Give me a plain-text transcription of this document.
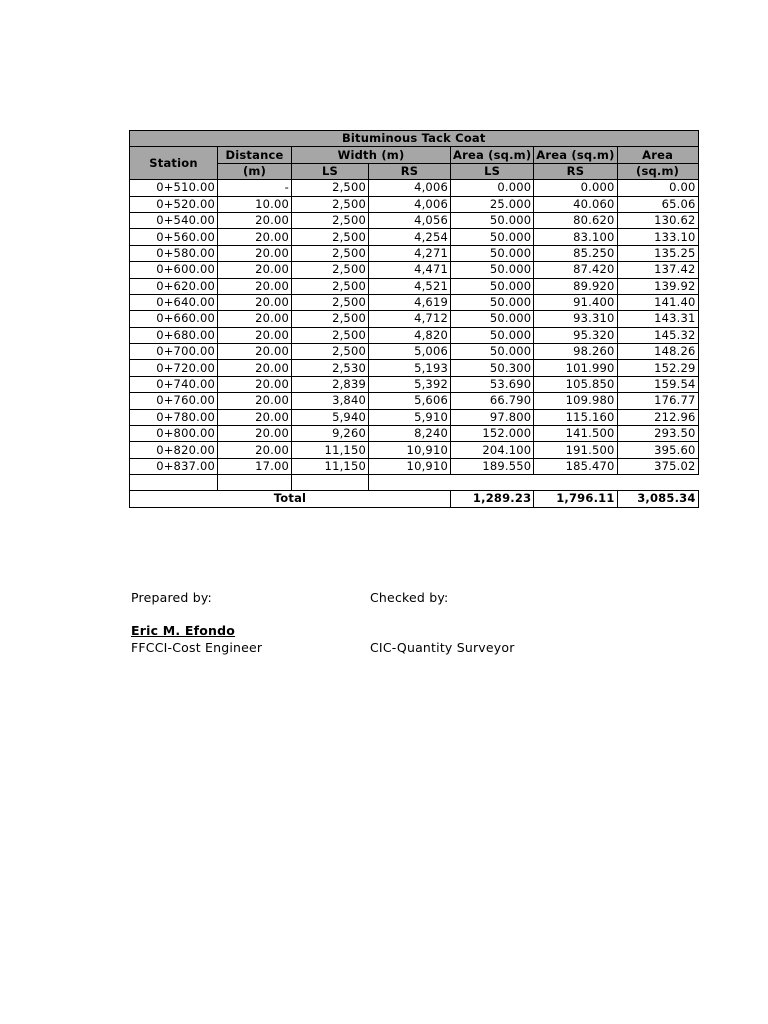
Bituminous Tack Coat						
Station	Distance	Width (m)		Area (sq.m)	Area (sq.m)	Area
	(m)	LS	RS	LS	RS	(sq.m)
0+510.00	-	2,500	4,006	0.000	0.000	0.00
0+520.00	10.00	2,500	4,006	25.000	40.060	65.06
0+540.00	20.00	2,500	4,056	50.000	80.620	130.62
0+560.00	20.00	2,500	4,254	50.000	83.100	133.10
0+580.00	20.00	2,500	4,271	50.000	85.250	135.25
0+600.00	20.00	2,500	4,471	50.000	87.420	137.42
0+620.00	20.00	2,500	4,521	50.000	89.920	139.92
0+640.00	20.00	2,500	4,619	50.000	91.400	141.40
0+660.00	20.00	2,500	4,712	50.000	93.310	143.31
0+680.00	20.00	2,500	4,820	50.000	95.320	145.32
0+700.00	20.00	2,500	5,006	50.000	98.260	148.26
0+720.00	20.00	2,530	5,193	50.300	101.990	152.29
0+740.00	20.00	2,839	5,392	53.690	105.850	159.54
0+760.00	20.00	3,840	5,606	66.790	109.980	176.77
0+780.00	20.00	5,940	5,910	97.800	115.160	212.96
0+800.00	20.00	9,260	8,240	152.000	141.500	293.50
0+820.00	20.00	11,150	10,910	204.100	191.500	395.60
0+837.00	17.00	11,150	10,910	189.550	185.470	375.02

Total				1,289.23	1,796.11	3,085.34
Prepared by:	Checked by:
Eric M. Efondo
FFCCI-Cost Engineer	CIC-Quantity Surveyor
